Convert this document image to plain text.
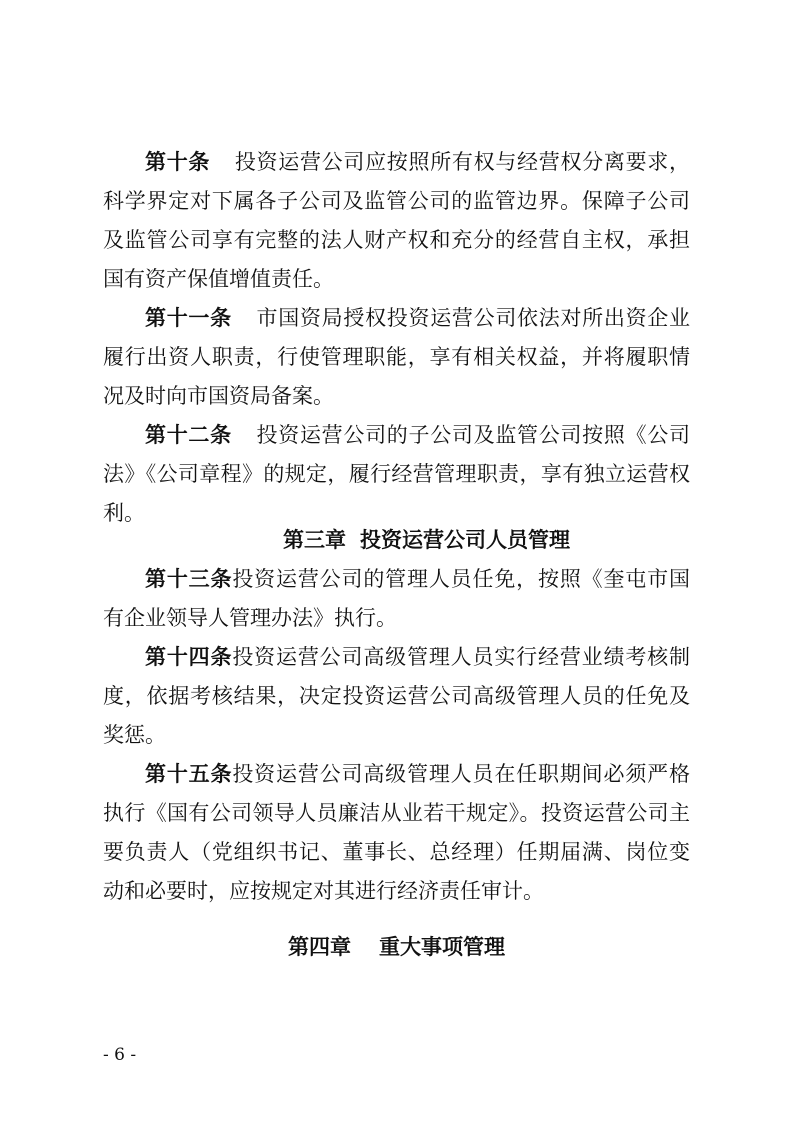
第十条 投资运营公司应按照所有权与经营权分离要求，科学界定对下属各子公司及监管公司的监管边界。保障子公司及监管公司享有完整的法人财产权和充分的经营自主权，承担国有资产保值增值责任。

第十一条 市国资局授权投资运营公司依法对所出资企业履行出资人职责，行使管理职能，享有相关权益，并将履职情况及时向市国资局备案。

第十二条 投资运营公司的子公司及监管公司按照《公司法》《公司章程》的规定，履行经营管理职责，享有独立运营权利。

第三章 投资运营公司人员管理

第十三条投资运营公司的管理人员任免，按照《奎屯市国有企业领导人管理办法》执行。

第十四条投资运营公司高级管理人员实行经营业绩考核制度，依据考核结果，决定投资运营公司高级管理人员的任免及奖惩。

第十五条投资运营公司高级管理人员在任职期间必须严格执行《国有公司领导人员廉洁从业若干规定》。投资运营公司主要负责人（党组织书记、董事长、总经理）任期届满、岗位变动和必要时，应按规定对其进行经济责任审计。

第四章 重大事项管理
- 6 -
